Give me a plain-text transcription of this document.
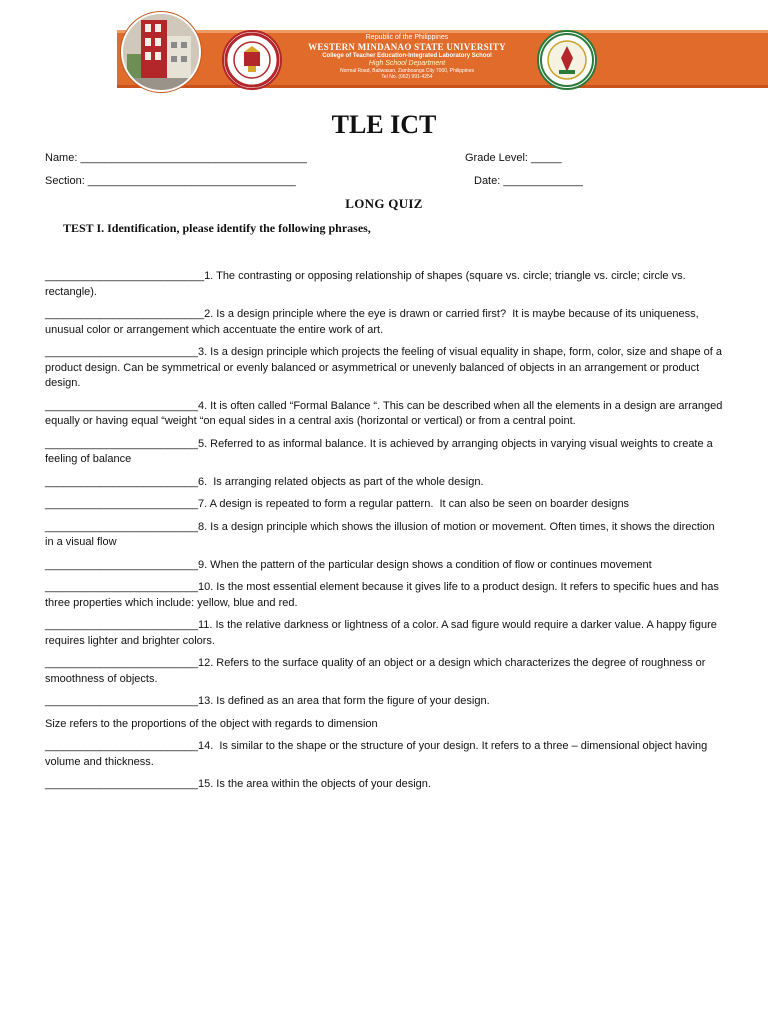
Republic of the Philippines
WESTERN MINDANAO STATE UNIVERSITY
College of Teacher Education-Integrated Laboratory School
High School Department
Normal Road, Baliwasan, Zamboanga City 7000, Philippines
Tel No. (062) 991-4254
TLE ICT
Name: _____________________________________	Grade Level: _____
Section: __________________________________	Date: _____________
LONG QUIZ
TEST I. Identification, please identify the following phrases,
__________________________1. The contrasting or opposing relationship of shapes (square vs. circle; triangle vs. circle; circle vs. rectangle).
__________________________2. Is a design principle where the eye is drawn or carried first?  It is maybe because of its uniqueness, unusual color or arrangement which accentuate the entire work of art.
_________________________3. Is a design principle which projects the feeling of visual equality in shape, form, color, size and shape of a product design. Can be symmetrical or evenly balanced or asymmetrical or unevenly balanced of objects in an arrangement or product design.
_________________________4. It is often called “Formal Balance “. This can be described when all the elements in a design are arranged equally or having equal “weight “on equal sides in a central axis (horizontal or vertical) or from a central point.
_________________________5. Referred to as informal balance. It is achieved by arranging objects in varying visual weights to create a feeling of balance
_________________________6.  Is arranging related objects as part of the whole design.
_________________________7. A design is repeated to form a regular pattern.  It can also be seen on boarder designs
_________________________8. Is a design principle which shows the illusion of motion or movement. Often times, it shows the direction in a visual flow
_________________________9. When the pattern of the particular design shows a condition of flow or continues movement
_________________________10. Is the most essential element because it gives life to a product design. It refers to specific hues and has three properties which include: yellow, blue and red.
_________________________11. Is the relative darkness or lightness of a color. A sad figure would require a darker value. A happy figure requires lighter and brighter colors.
_________________________12. Refers to the surface quality of an object or a design which characterizes the degree of roughness or smoothness of objects.
_________________________13. Is defined as an area that form the figure of your design.
Size refers to the proportions of the object with regards to dimension
_________________________14.  Is similar to the shape or the structure of your design. It refers to a three – dimensional object having volume and thickness.
_________________________15. Is the area within the objects of your design.
